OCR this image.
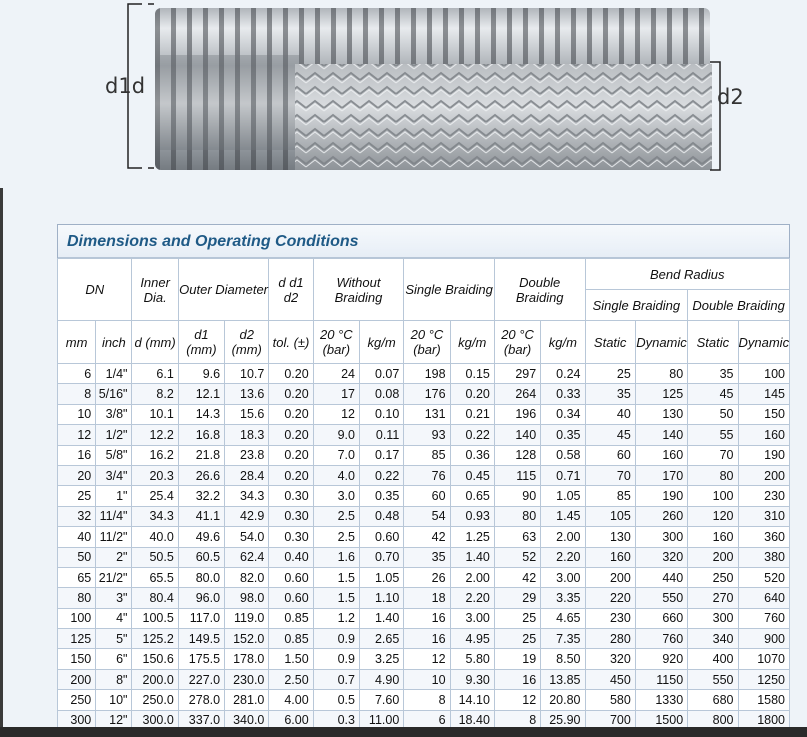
d1d	d2
Dimensions and Operating Conditions
DN		Inner Dia.	Outer Diameter		d d1 d2	Without Braiding		Single Braiding		Double Braiding		Bend Radius			
												Single Braiding		Double Braiding	
mm	inch	d (mm)	d1 (mm)	d2 (mm)	tol. (±)	20 °C (bar)	kg/m	20 °C (bar)	kg/m	20 °C (bar)	kg/m	Static	Dynamic	Static	Dynamic
6	1/4"	6.1	9.6	10.7	0.20	24	0.07	198	0.15	297	0.24	25	80	35	100
8	5/16"	8.2	12.1	13.6	0.20	17	0.08	176	0.20	264	0.33	35	125	45	145
10	3/8"	10.1	14.3	15.6	0.20	12	0.10	131	0.21	196	0.34	40	130	50	150
12	1/2"	12.2	16.8	18.3	0.20	9.0	0.11	93	0.22	140	0.35	45	140	55	160
16	5/8"	16.2	21.8	23.8	0.20	7.0	0.17	85	0.36	128	0.58	60	160	70	190
20	3/4"	20.3	26.6	28.4	0.20	4.0	0.22	76	0.45	115	0.71	70	170	80	200
25	1"	25.4	32.2	34.3	0.30	3.0	0.35	60	0.65	90	1.05	85	190	100	230
32	11/4"	34.3	41.1	42.9	0.30	2.5	0.48	54	0.93	80	1.45	105	260	120	310
40	11/2"	40.0	49.6	54.0	0.30	2.5	0.60	42	1.25	63	2.00	130	300	160	360
50	2"	50.5	60.5	62.4	0.40	1.6	0.70	35	1.40	52	2.20	160	320	200	380
65	21/2"	65.5	80.0	82.0	0.60	1.5	1.05	26	2.00	42	3.00	200	440	250	520
80	3"	80.4	96.0	98.0	0.60	1.5	1.10	18	2.20	29	3.35	220	550	270	640
100	4"	100.5	117.0	119.0	0.85	1.2	1.40	16	3.00	25	4.65	230	660	300	760
125	5"	125.2	149.5	152.0	0.85	0.9	2.65	16	4.95	25	7.35	280	760	340	900
150	6"	150.6	175.5	178.0	1.50	0.9	3.25	12	5.80	19	8.50	320	920	400	1070
200	8"	200.0	227.0	230.0	2.50	0.7	4.90	10	9.30	16	13.85	450	1150	550	1250
250	10"	250.0	278.0	281.0	4.00	0.5	7.60	8	14.10	12	20.80	580	1330	680	1580
300	12"	300.0	337.0	340.0	6.00	0.3	11.00	6	18.40	8	25.90	700	1500	800	1800
